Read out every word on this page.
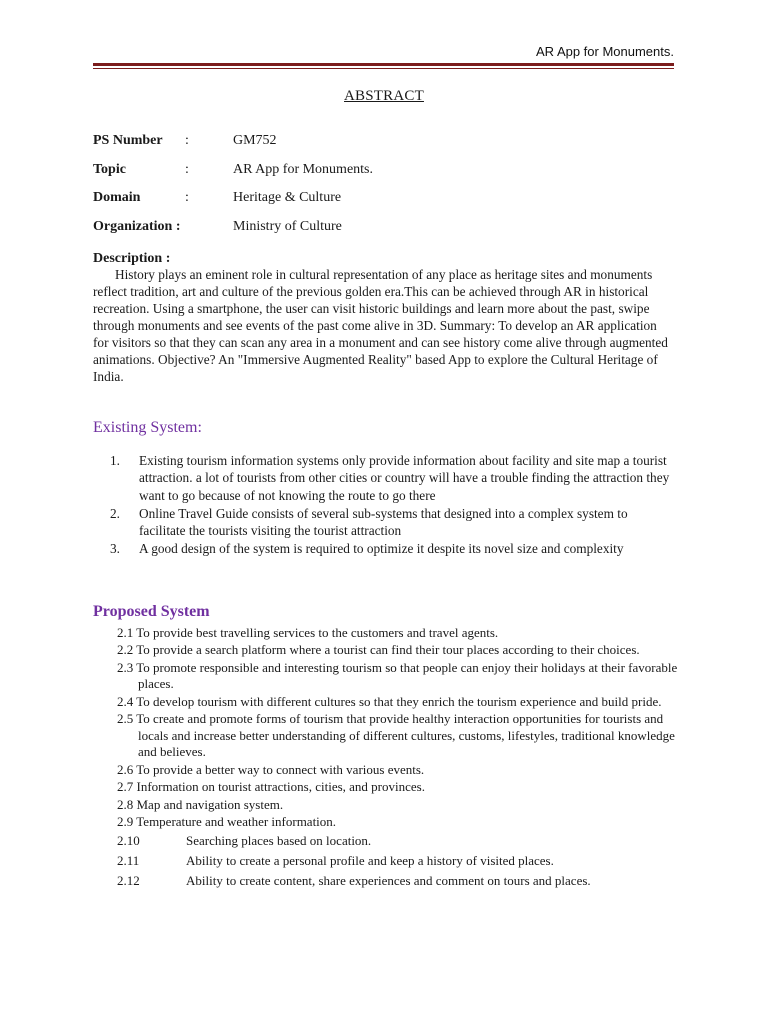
AR App for Monuments.
ABSTRACT
PS Number :	GM752
Topic	:	AR App for Monuments.
Domain	:	Heritage & Culture
Organization :	Ministry of Culture
Description :
History plays an eminent role in cultural representation of any place as heritage sites and monuments reflect tradition, art and culture of the previous golden era.This can be achieved through AR in historical recreation. Using a smartphone, the user can visit historic buildings and learn more about the past, swipe through monuments and see events of the past come alive in 3D. Summary: To develop an AR application for visitors so that they can scan any area in a monument and can see history come alive through augmented animations. Objective? An "Immersive Augmented Reality" based App to explore the Cultural Heritage of India.
Existing System:
1. Existing tourism information systems only provide information about facility and site map a tourist attraction. a lot of tourists from other cities or country will have a trouble finding the attraction they want to go because of not knowing the route to go there
2. Online Travel Guide consists of several sub-systems that designed into a complex system to facilitate the tourists visiting the tourist attraction
3. A good design of the system is required to optimize it despite its novel size and complexity
Proposed System
2.1 To provide best travelling services to the customers and travel agents.
2.2 To provide a search platform where a tourist can find their tour places according to their choices.
2.3 To promote responsible and interesting tourism so that people can enjoy their holidays at their favorable places.
2.4 To develop tourism with different cultures so that they enrich the tourism experience and build pride.
2.5 To create and promote forms of tourism that provide healthy interaction opportunities for tourists and locals and increase better understanding of different cultures, customs, lifestyles, traditional knowledge and believes.
2.6 To provide a better way to connect with various events.
2.7 Information on tourist attractions, cities, and provinces.
2.8 Map and navigation system.
2.9 Temperature and weather information.
2.10	Searching places based on location.
2.11	Ability to create a personal profile and keep a history of visited places.
2.12	Ability to create content, share experiences and comment on tours and places.
